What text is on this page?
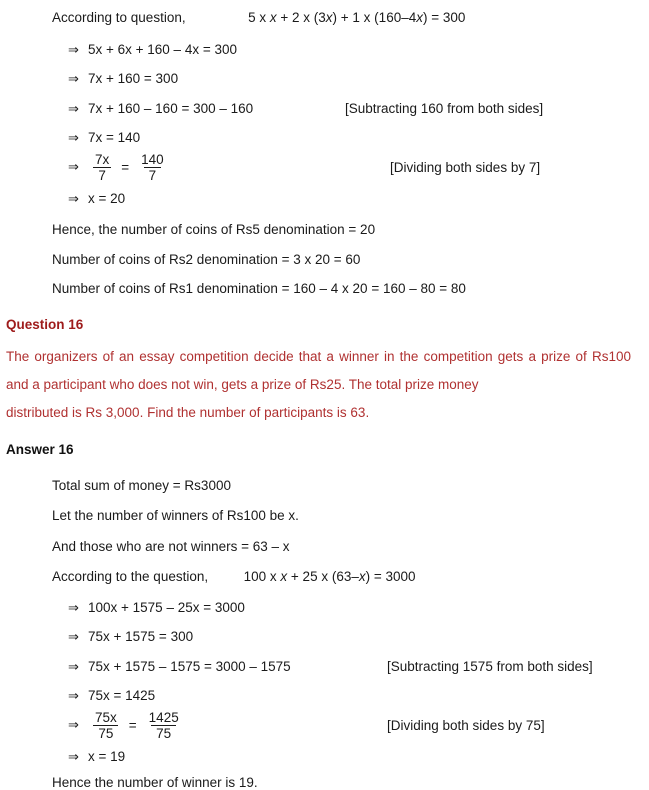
According to question,	5 x x + 2 x (3x) + 1 x (160–4x) = 300
⇒ 5x + 6x + 160 – 4x = 300
⇒ 7x + 160 = 300
⇒ 7x + 160 – 160 = 300 – 160	[Subtracting 160 from both sides]
⇒ 7x = 140
⇒ $\frac{7x}{7} = \frac{140}{7}$	[Dividing both sides by 7]
⇒ x = 20
Hence, the number of coins of Rs5 denomination = 20
Number of coins of Rs2 denomination = 3 x 20 = 60
Number of coins of Rs1 denomination = 160 – 4 x 20 = 160 – 80 = 80
Question 16
The organizers of an essay competition decide that a winner in the competition gets a prize of Rs100 and a participant who does not win, gets a prize of Rs25. The total prize money
distributed is Rs 3,000. Find the number of participants is 63.
Answer 16
Total sum of money = Rs3000
Let the number of winners of Rs100 be x.
And those who are not winners = 63 – x
According to the question,	100 x x + 25 x (63–x) = 3000
⇒ 100x + 1575 – 25x = 3000
⇒ 75x + 1575 = 300
⇒ 75x + 1575 – 1575 = 3000 – 1575	[Subtracting 1575 from both sides]
⇒ 75x = 1425
⇒ $\frac{75x}{75} = \frac{1425}{75}$	[Dividing both sides by 75]
⇒ x = 19
Hence the number of winner is 19.
